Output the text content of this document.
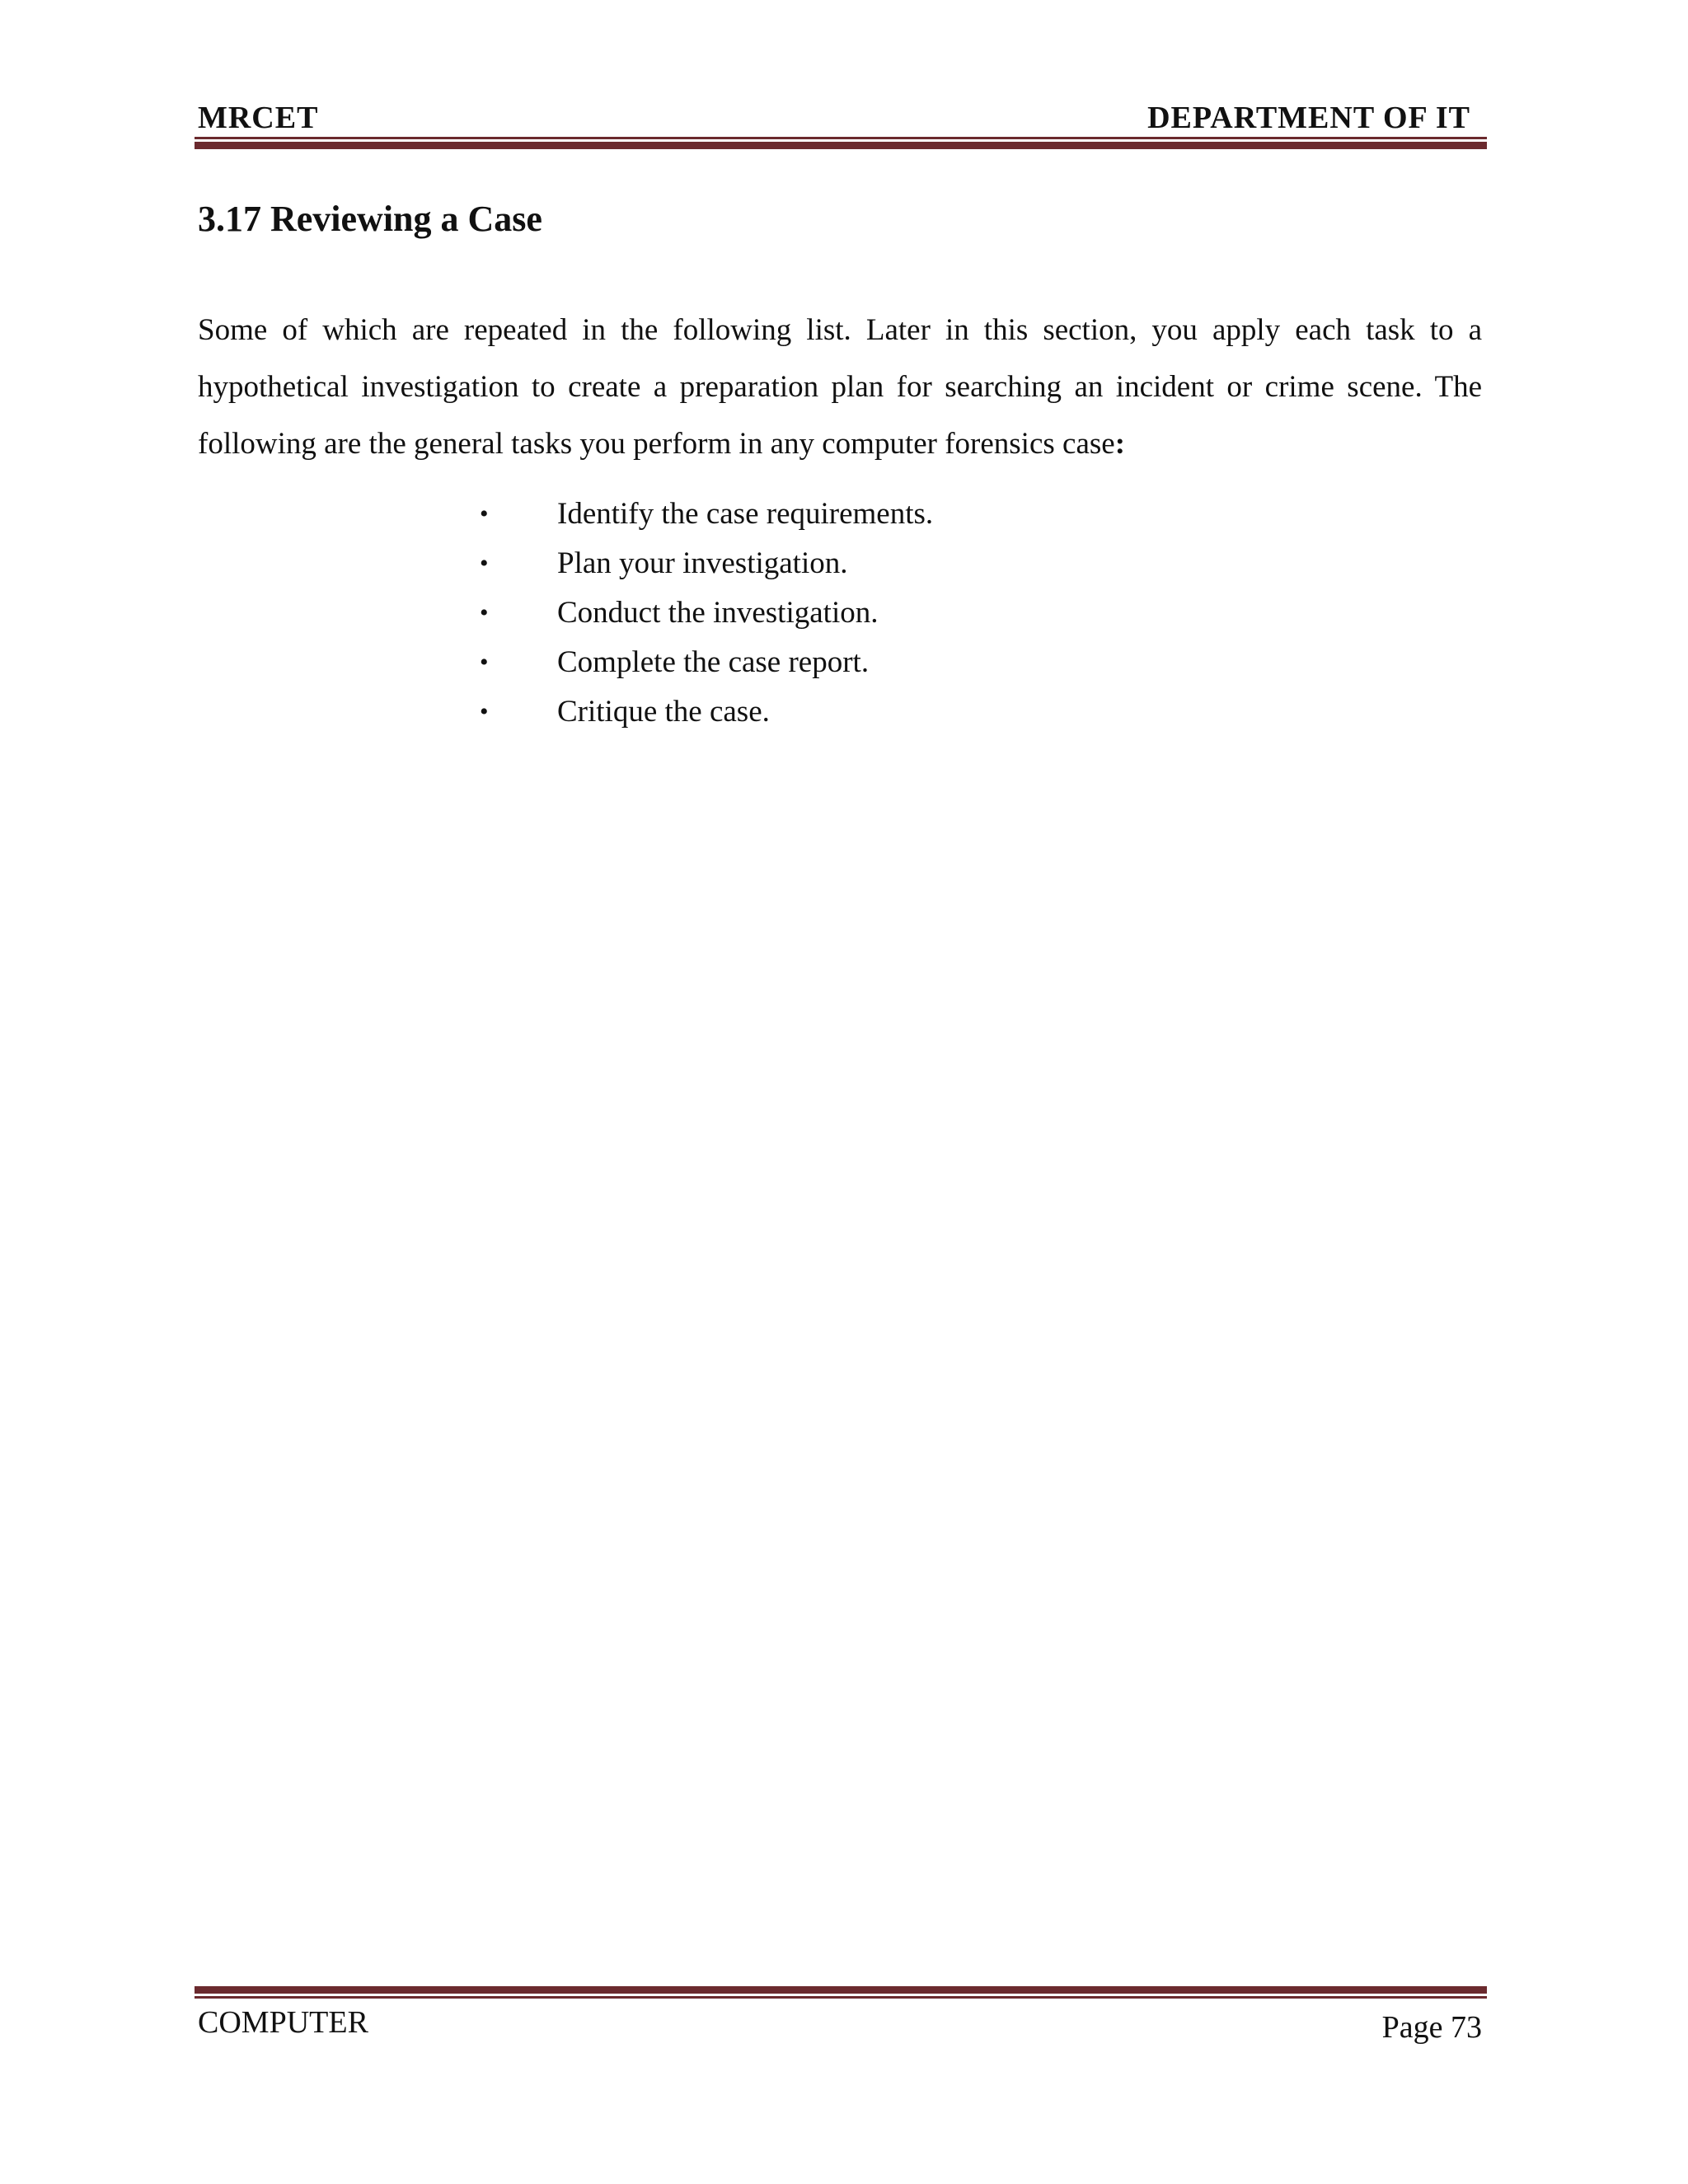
MRCET	DEPARTMENT OF IT
3.17 Reviewing a Case

Some of which are repeated in the following list. Later in this section, you apply each task to a hypothetical investigation to create a preparation plan for searching an incident or crime scene. The following are the general tasks you perform in any computer forensics case:

• Identify the case requirements.
• Plan your investigation.
• Conduct the investigation.
• Complete the case report.
• Critique the case.
COMPUTER	Page 73
